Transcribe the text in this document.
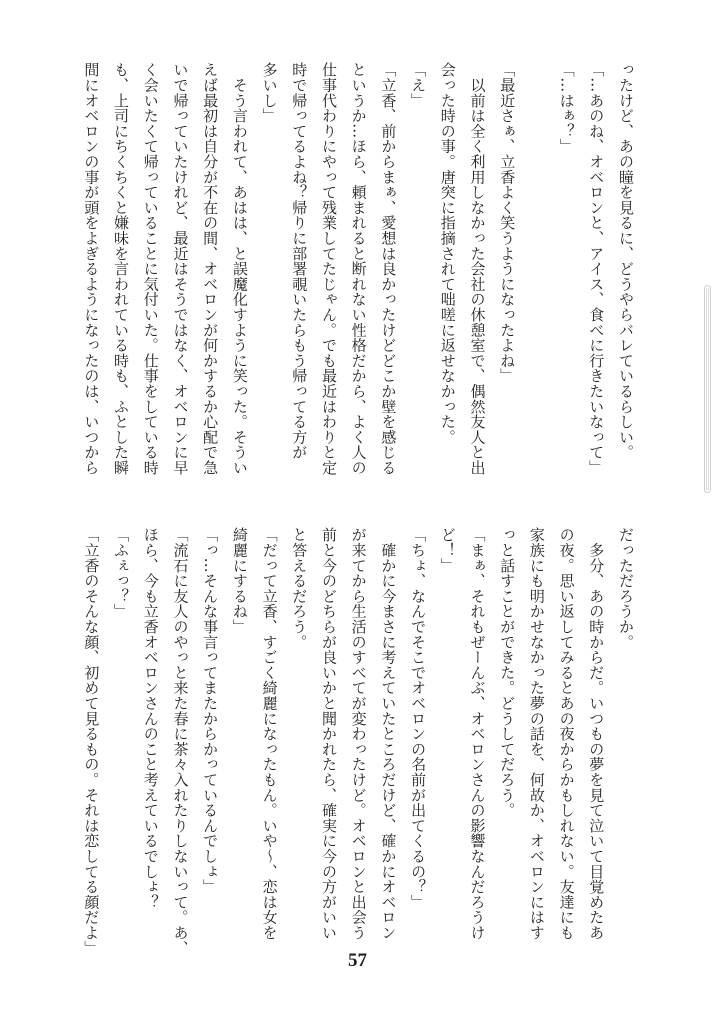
ったけど、あの瞳を見るに、どうやらバレているらしい。
「…あのね、オベロンと、アイス、食べに行きたいなって」
「…はぁ？」
「最近さぁ、立香よく笑うようになったよね」
　以前は全く利用しなかった会社の休憩室で、偶然友人と出
会った時の事。唐突に指摘されて咄嗟に返せなかった。
「え」
「立香、前からまぁ、愛想は良かったけどどこか壁を感じる
というか…ほら、頼まれると断れない性格だから、よく人の
仕事代わりにやって残業してたじゃん。でも最近はわりと定
時で帰ってるよね？帰りに部署覗いたらもう帰ってる方が
多いし」
　そう言われて、あはは、と誤魔化すように笑った。そうい
えば最初は自分が不在の間、オベロンが何かするか心配で急
いで帰っていたけれど、最近はそうではなく、オベロンに早
く会いたくて帰っていることに気付いた。仕事をしている時
も、上司にちくちくと嫌味を言われている時も、ふとした瞬
間にオベロンの事が頭をよぎるようになったのは、いつから
だっただろうか。
　多分、あの時からだ。いつもの夢を見て泣いて目覚めたあ
の夜。思い返してみるとあの夜からかもしれない。友達にも
家族にも明かせなかった夢の話を、何故か、オベロンにはす
っと話すことができた。どうしてだろう。
「まぁ、それもぜーんぶ、オベロンさんの影響なんだろうけ
ど！」
「ちょ、なんでそこでオベロンの名前が出てくるの？」
　確かに今まさに考えていたところだけど、確かにオベロン
が来てから生活のすべてが変わったけど。オベロンと出会う
前と今のどちらが良いかと聞かれたら、確実に今の方がいい
と答えるだろう。
「だって立香、すごく綺麗になったもん。いや〜、恋は女を
綺麗にするね」
「っ…そんな事言ってまたからかっているんでしょ」
「流石に友人のやっと来た春に茶々入れたりしないって。あ、
ほら、今も立香オベロンさんのこと考えているでしょ？
「ふぇっ？」
「立香のそんな顔、初めて見るもの。それは恋してる顔だよ」
57
